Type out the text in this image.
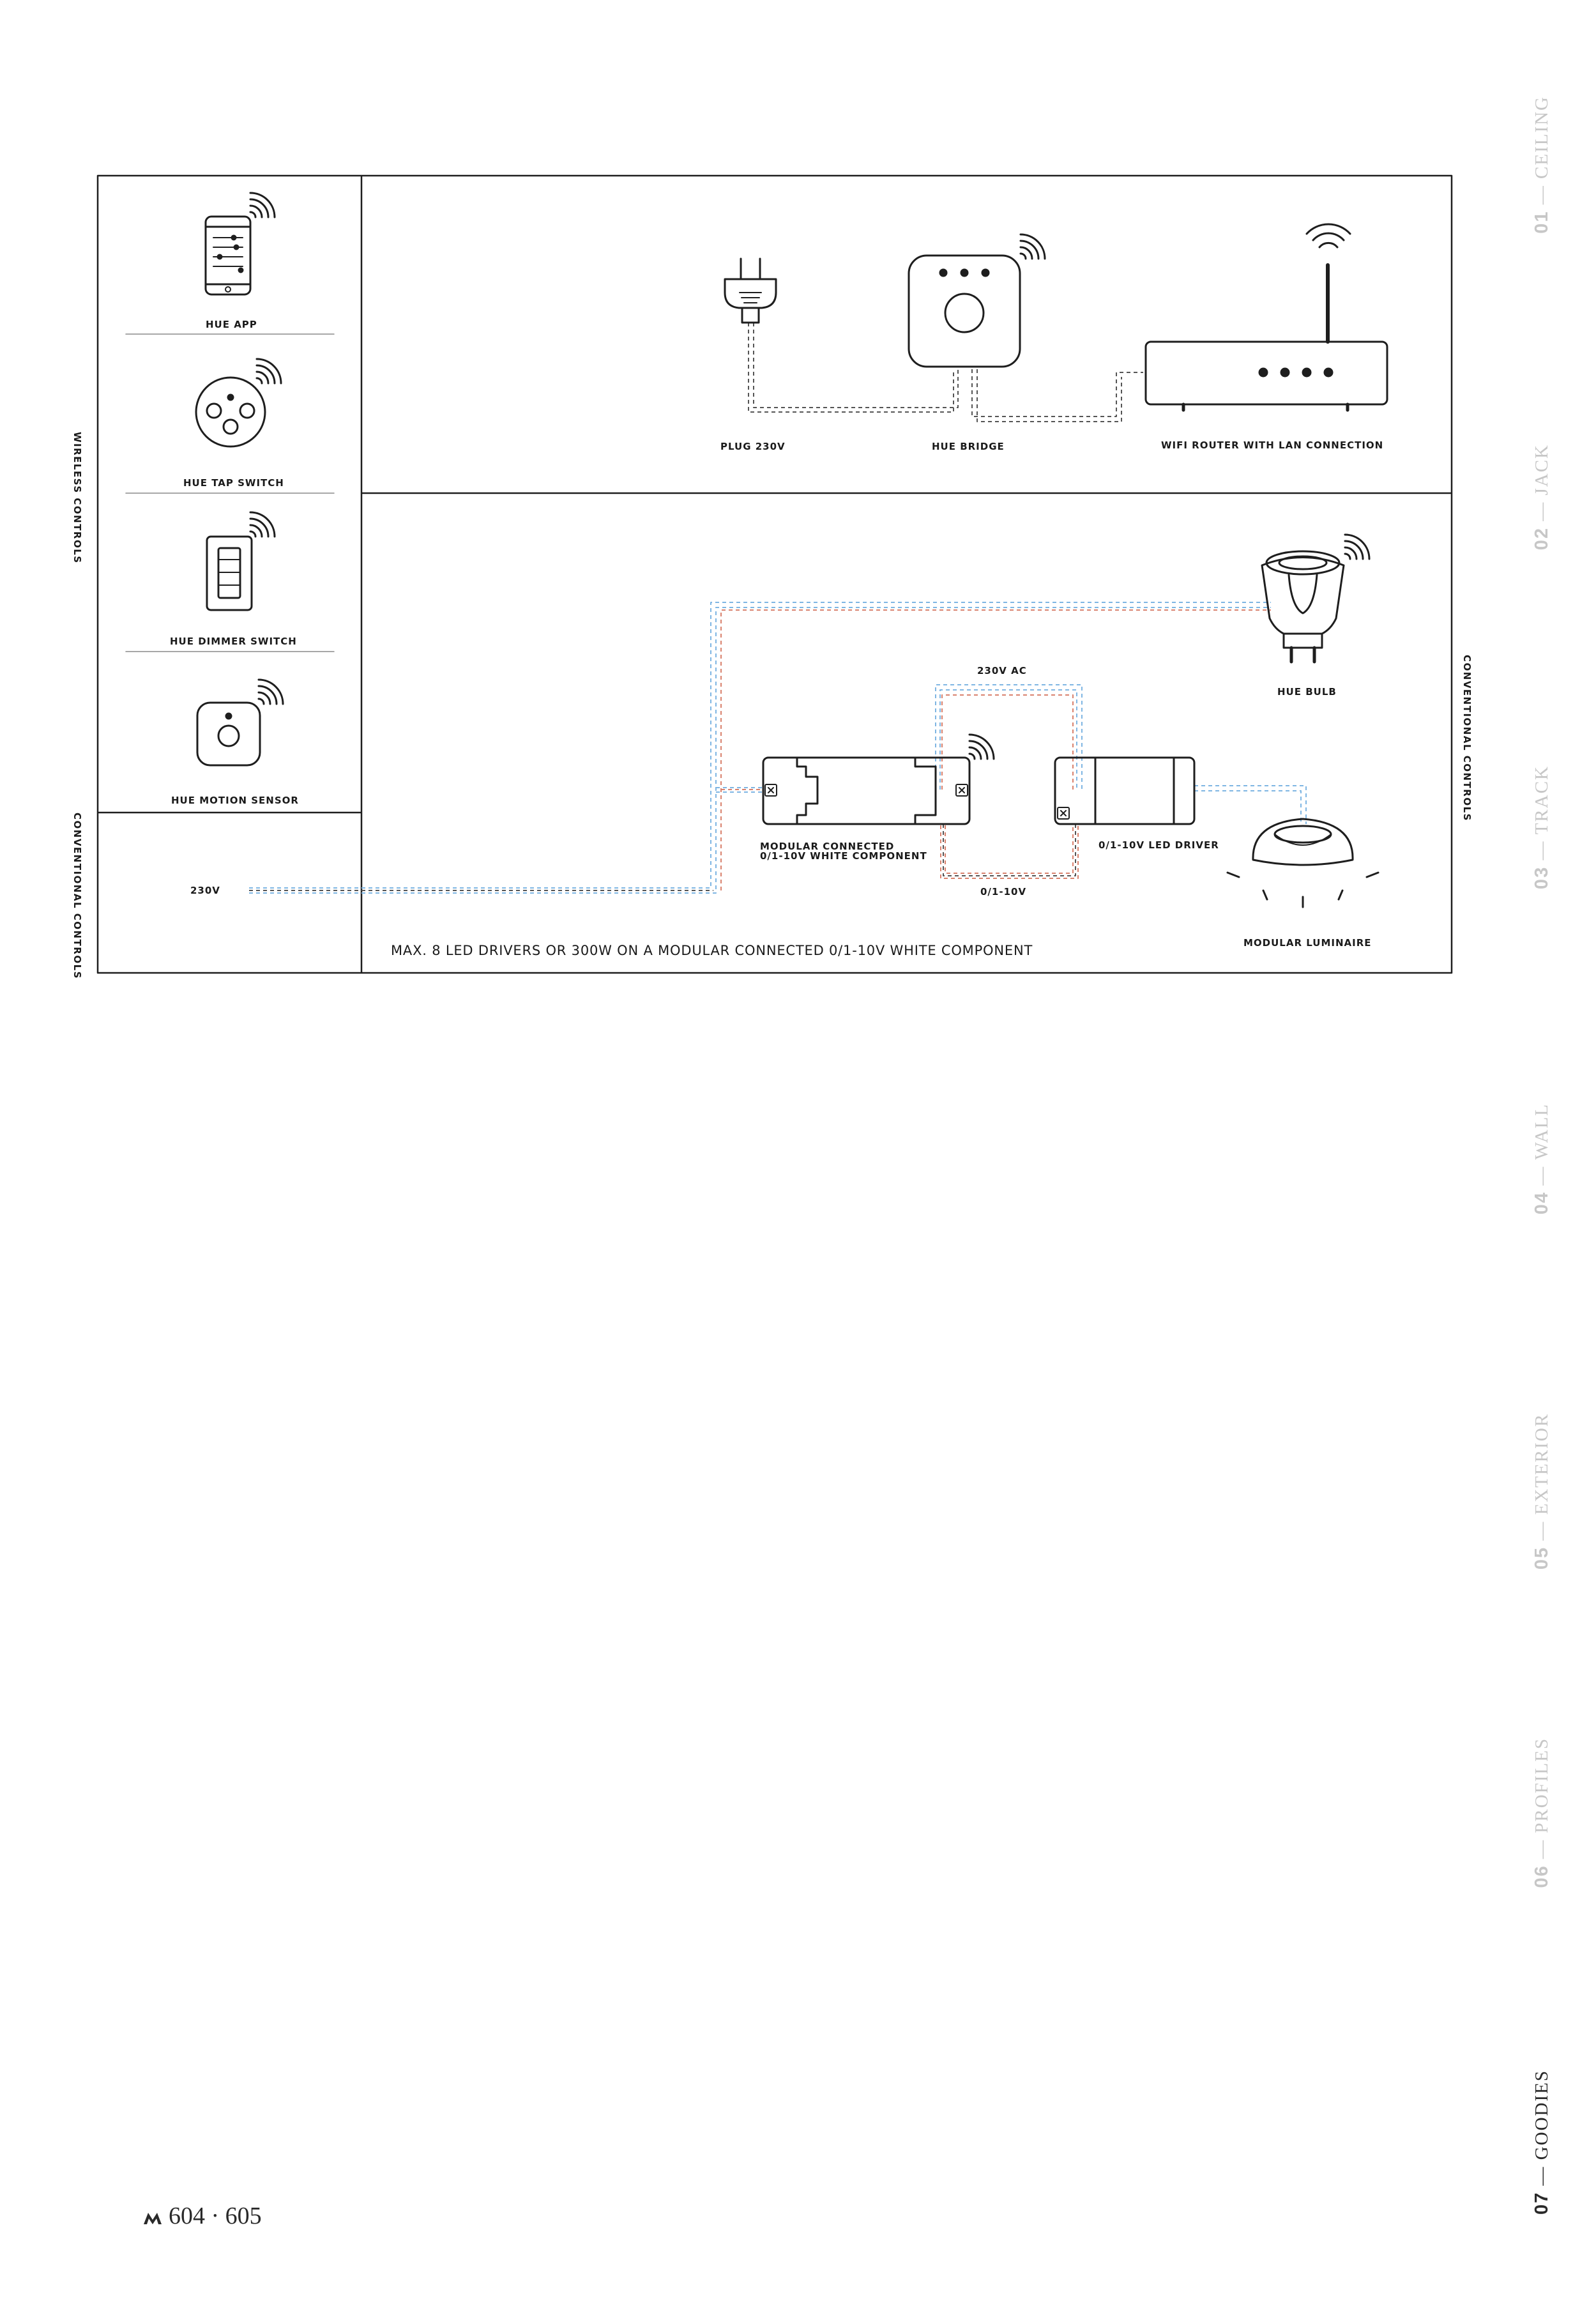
WIRELESS CONTROLS
CONVENTIONAL CONTROLS
CONVENTIONAL CONTROLS
HUE APP
HUE TAP SWITCH
HUE DIMMER SWITCH
HUE MOTION SENSOR
230V
PLUG 230V	HUE BRIDGE	WIFI ROUTER WITH LAN CONNECTION
230V AC
HUE BULB
MODULAR CONNECTED
0/1-10V WHITE COMPONENT
0/1-10V LED DRIVER
0/1-10V
MODULAR LUMINAIRE
MAX. 8 LED DRIVERS OR 300W ON A MODULAR CONNECTED 0/1-10V WHITE COMPONENT
01 — CEILING
02 — JACK
03 — TRACK
04 — WALL
05 — EXTERIOR
06 — PROFILES
07 — GOODIES
604 · 605
